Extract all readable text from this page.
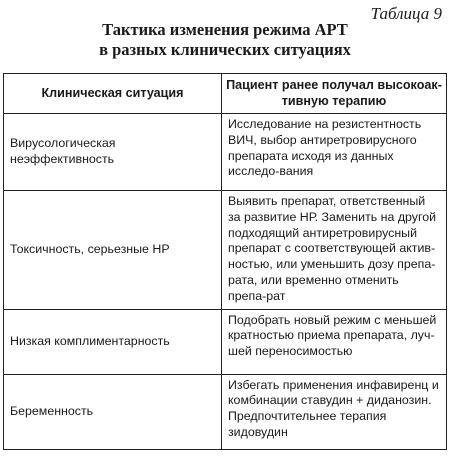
Таблица 9
Тактика изменения режима АРТ
в разных клинических ситуациях
Клиническая ситуация	Пациент ранее получал высокоак-тивную терапию
Вирусологическая неэффективность	Исследование на резистентность ВИЧ, выбор антиретровирусного препарата исходя из данных исследо-вания
Токсичность, серьезные НР	Выявить препарат, ответственный за развитие НР. Заменить на другой подходящий антиретровирусный препарат с соответствующей актив-ностью, или уменьшить дозу препа-рата, или временно отменить препа-рат
Низкая комплиментарность	Подобрать новый режим с меньшей кратностью приема препарата, луч-шей переносимостью
Беременность	Избегать применения инфавиренц и комбинации ставудин + диданозин. Предпочтительнее терапия зидовудин
